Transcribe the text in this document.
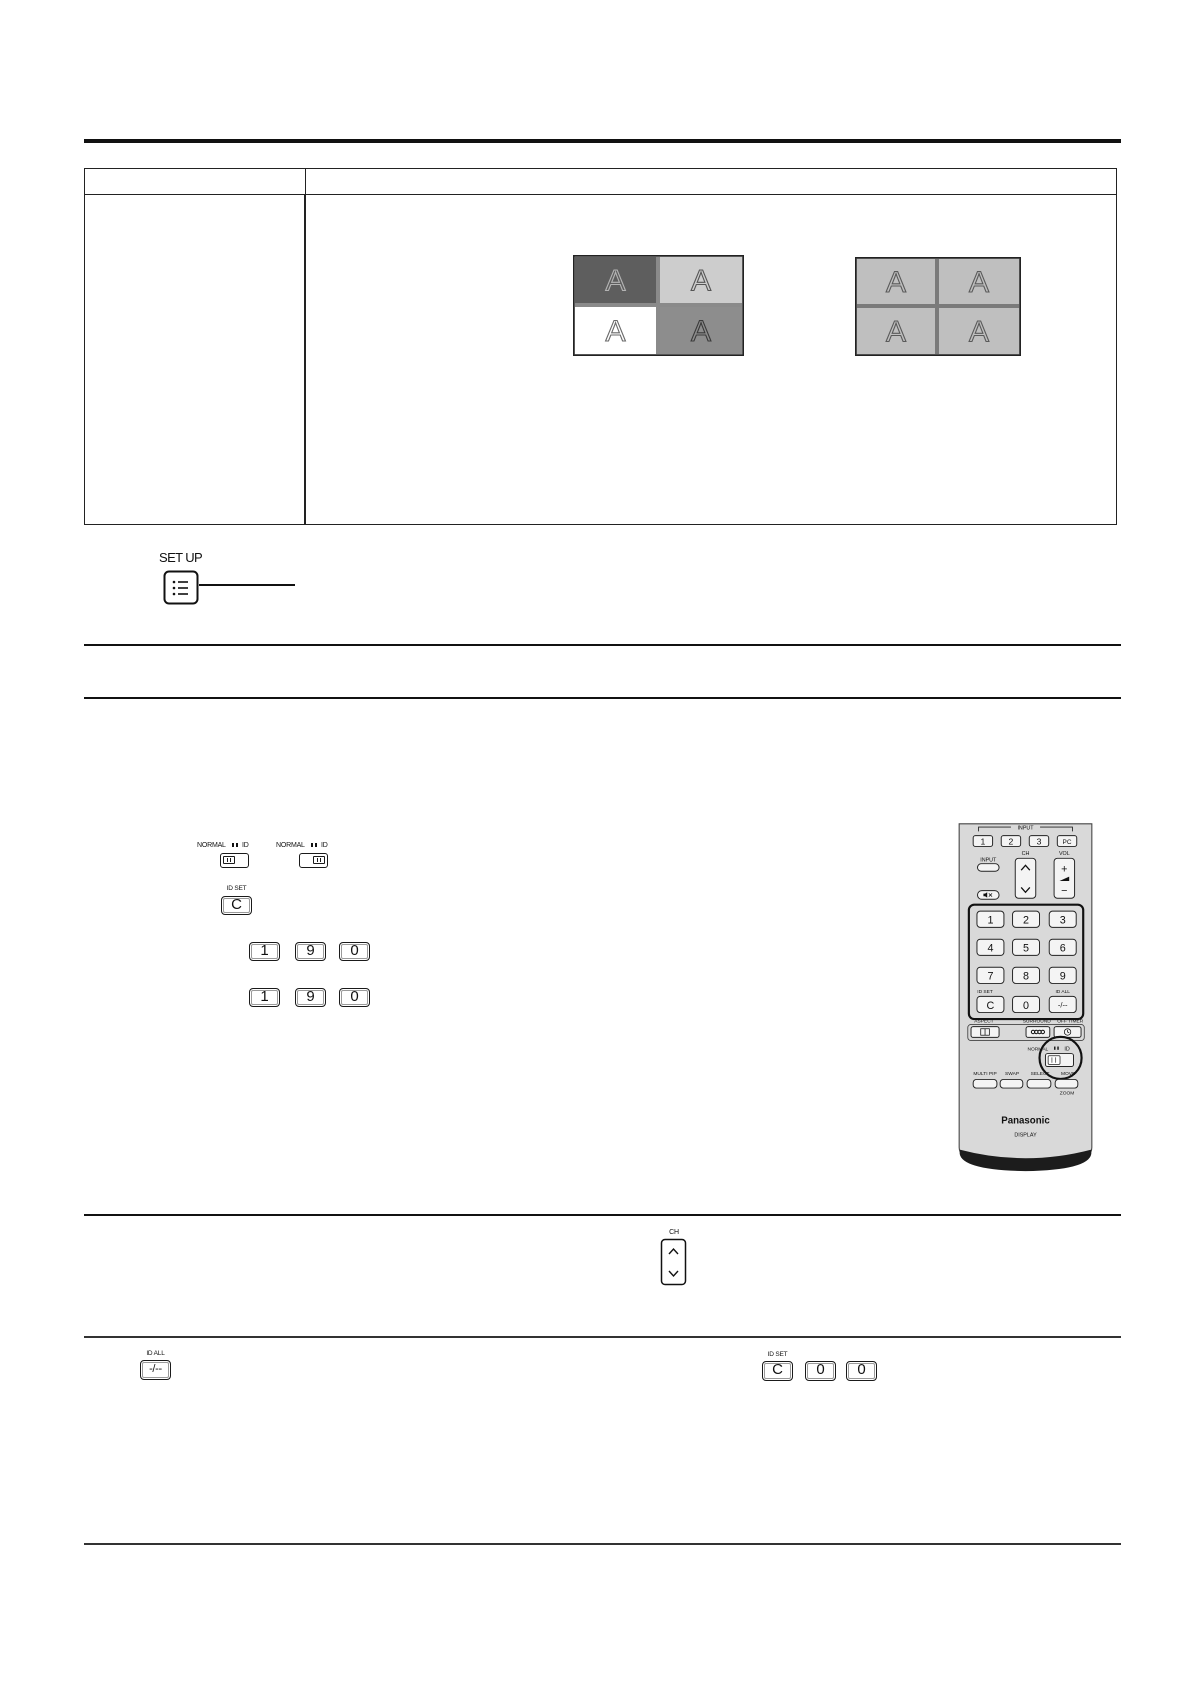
A A
A A
A A
A A
SET UP
NORMAL ID	NORMAL ID
ID SET
C
1	9	0
1	9	0
INPUT
1	2	3	PC
INPUT
CH	VOL
+
−
1	2	3
4	5	6
7	8	9
C	0	-/--
ID SET	ID ALL
ASPECT	SURROUND OFF TIMER
NORMAL	ID
MULTI PIP SWAP	SELECT	MOVE
ZOOM
Panasonic
DISPLAY
CH
ID ALL
-/--
ID SET
C	0	0
